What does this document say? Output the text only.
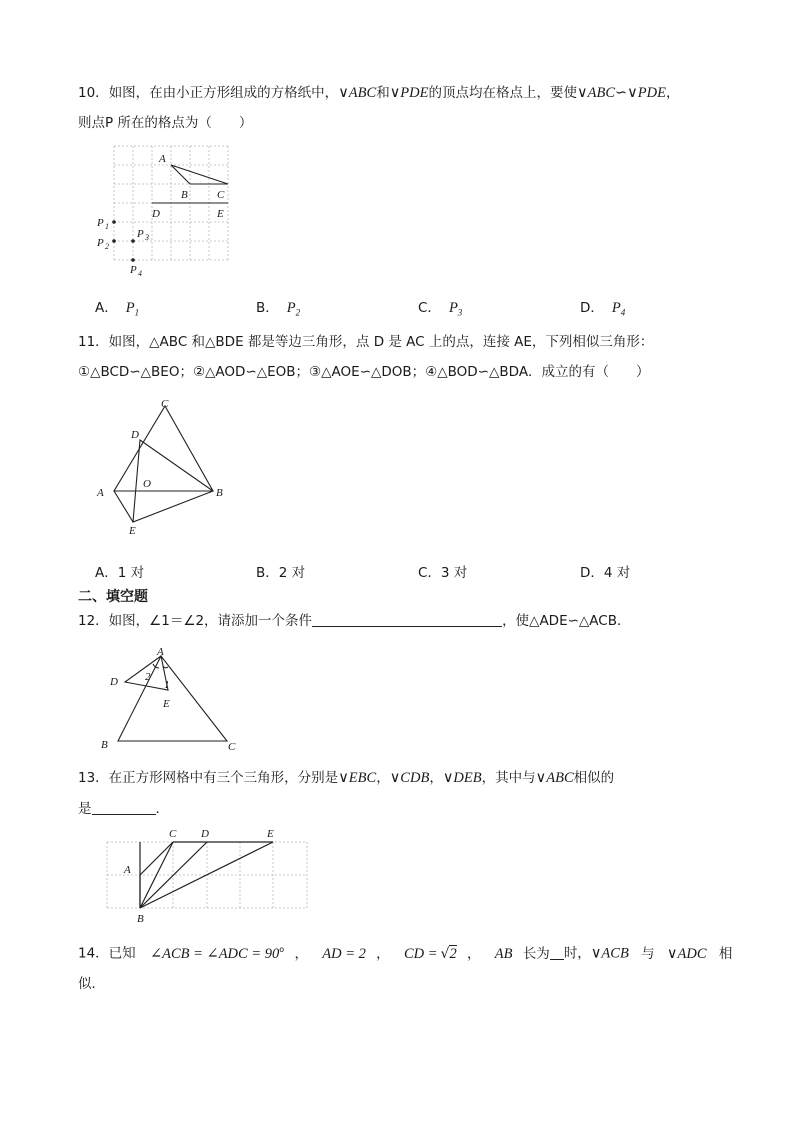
10．如图，在由小正方形组成的方格纸中，∨ABC和∨PDE的顶点均在格点上，要使∨ABC∽∨PDE，
则点P 所在的格点为（　　）
A
B	C
D	E
P 1
P 2
P 3
P 4
A． $P_1$	B． $P_2$	C． $P_3$	D． $P_4$
11．如图，△ABC 和△BDE 都是等边三角形，点 D 是 AC 上的点，连接 AE，下列相似三角形：
①△BCD∽△BEO；②△AOD∽△EOB；③△AOE∽△DOB；④△BOD∽△BDA．成立的有（　　）
C
D
A
O
B
E
A．1 对	B．2 对	C．3 对	D．4 对
二、填空题
12．如图，∠1＝∠2，请添加一个条件	，使△ADE∽△ACB．
A
D 2
1
E
B	C
13．在正方形网格中有三个三角形，分别是∨EBC，∨CDB，∨DEB，其中与∨ABC相似的
是	．
A
C D	E
B
14．已知 ∠ACB = ∠ADC = $90^o$ ， AD = 2 ， CD = √2 ， AB 长为 时，∨ACB 与 ∨ADC 相
似．
